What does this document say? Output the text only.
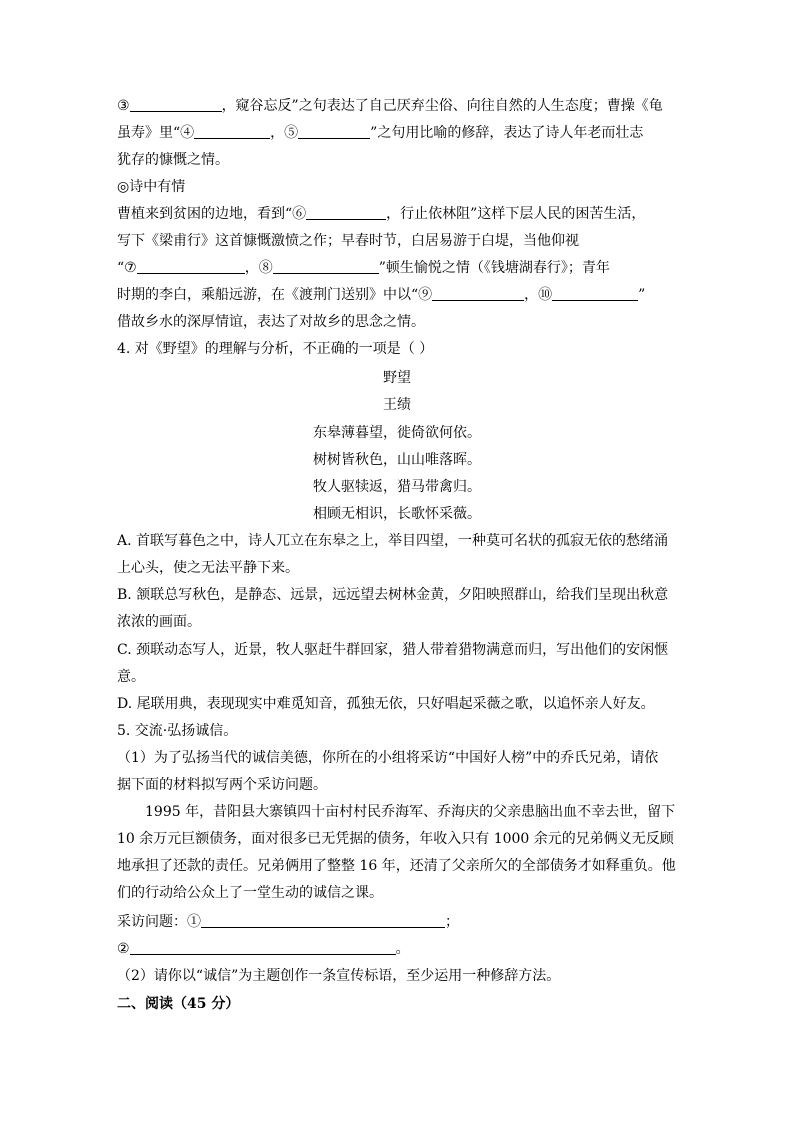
③	，窥谷忘反”之句表达了自己厌弃尘俗、向往自然的人生态度；曹操《龟
虽寿》里“④	，⑤	”之句用比喻的修辞，表达了诗人年老而壮志
犹存的慷慨之情。
◎诗中有情
曹植来到贫困的边地，看到“⑥	，行止依林阻”这样下层人民的困苦生活，
写下《梁甫行》这首慷慨激愤之作；早春时节，白居易游于白堤，当他仰视
“⑦	，⑧	”顿生愉悦之情（《钱塘湖春行》；青年
时期的李白，乘船远游，在《渡荆门送别》中以“⑨	，⑩	”
借故乡水的深厚情谊，表达了对故乡的思念之情。
4. 对《野望》的理解与分析，不正确的一项是（ ）
野望
王绩
东皋薄暮望，徙倚欲何依。
树树皆秋色，山山唯落晖。
牧人驱犊返，猎马带禽归。
相顾无相识，长歌怀采薇。
A. 首联写暮色之中，诗人兀立在东皋之上，举目四望，一种莫可名状的孤寂无依的愁绪涌
上心头，使之无法平静下来。
B. 颔联总写秋色，是静态、远景，远远望去树林金黄，夕阳映照群山，给我们呈现出秋意
浓浓的画面。
C. 颈联动态写人，近景，牧人驱赶牛群回家，猎人带着猎物满意而归，写出他们的安闲惬
意。
D. 尾联用典，表现现实中难觅知音，孤独无依，只好唱起采薇之歌，以追怀亲人好友。
5. 交流·弘扬诚信。
（1）为了弘扬当代的诚信美德，你所在的小组将采访“中国好人榜”中的乔氏兄弟，请依
据下面的材料拟写两个采访问题。
1995 年，昔阳县大寨镇四十亩村村民乔海军、乔海庆的父亲患脑出血不幸去世，留下
10 余万元巨额债务，面对很多已无凭据的债务，年收入只有 1000 余元的兄弟俩义无反顾
地承担了还款的责任。兄弟俩用了整整 16 年，还清了父亲所欠的全部债务才如释重负。他
们的行动给公众上了一堂生动的诚信之课。
采访问题：①	；
②	。
（2）请你以“诚信”为主题创作一条宣传标语，至少运用一种修辞方法。
二、阅读（45 分）
